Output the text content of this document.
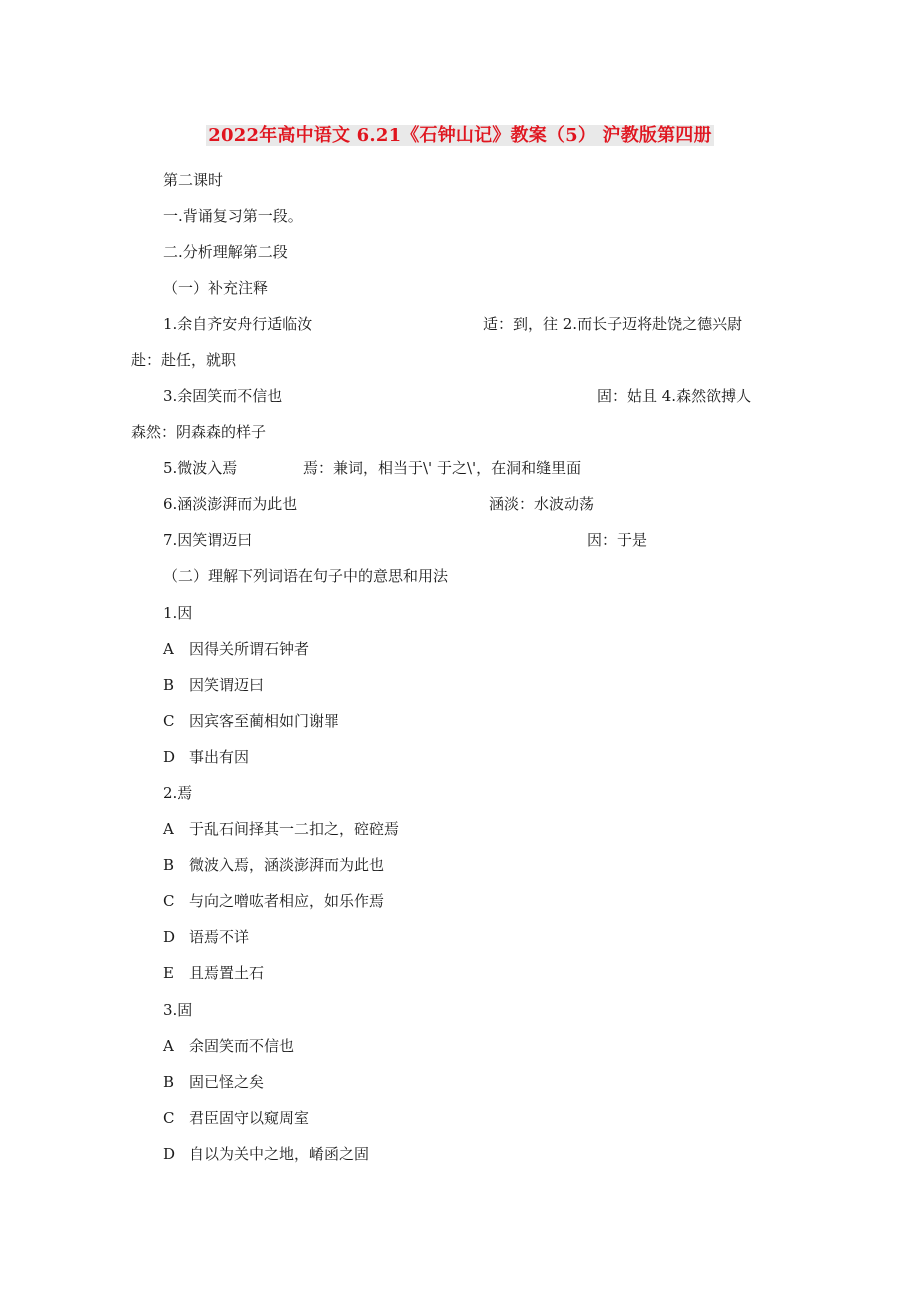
2022年高中语文 6.21《石钟山记》教案（5） 沪教版第四册
第二课时
一.背诵复习第一段。
二.分析理解第二段
（一）补充注释
1.余自齐安舟行适临汝	适：到，往 2.而长子迈将赴饶之德兴尉
赴：赴任，就职
3.余固笑而不信也	固：姑且 4.森然欲搏人
森然：阴森森的样子
5.微波入焉	焉：兼词，相当于\' 于之\'，在洞和缝里面
6.涵淡澎湃而为此也	涵淡：水波动荡
7.因笑谓迈曰	因：于是
（二）理解下列词语在句子中的意思和用法
1.因
A 因得关所谓石钟者
B 因笑谓迈曰
C 因宾客至蔺相如门谢罪
D 事出有因
2.焉
A 于乱石间择其一二扣之，硿硿焉
B 微波入焉，涵淡澎湃而为此也
C 与向之噌吰者相应，如乐作焉
D 语焉不详
E 且焉置土石
3.固
A 余固笑而不信也
B 固已怪之矣
C 君臣固守以窥周室
D 自以为关中之地，崤函之固
